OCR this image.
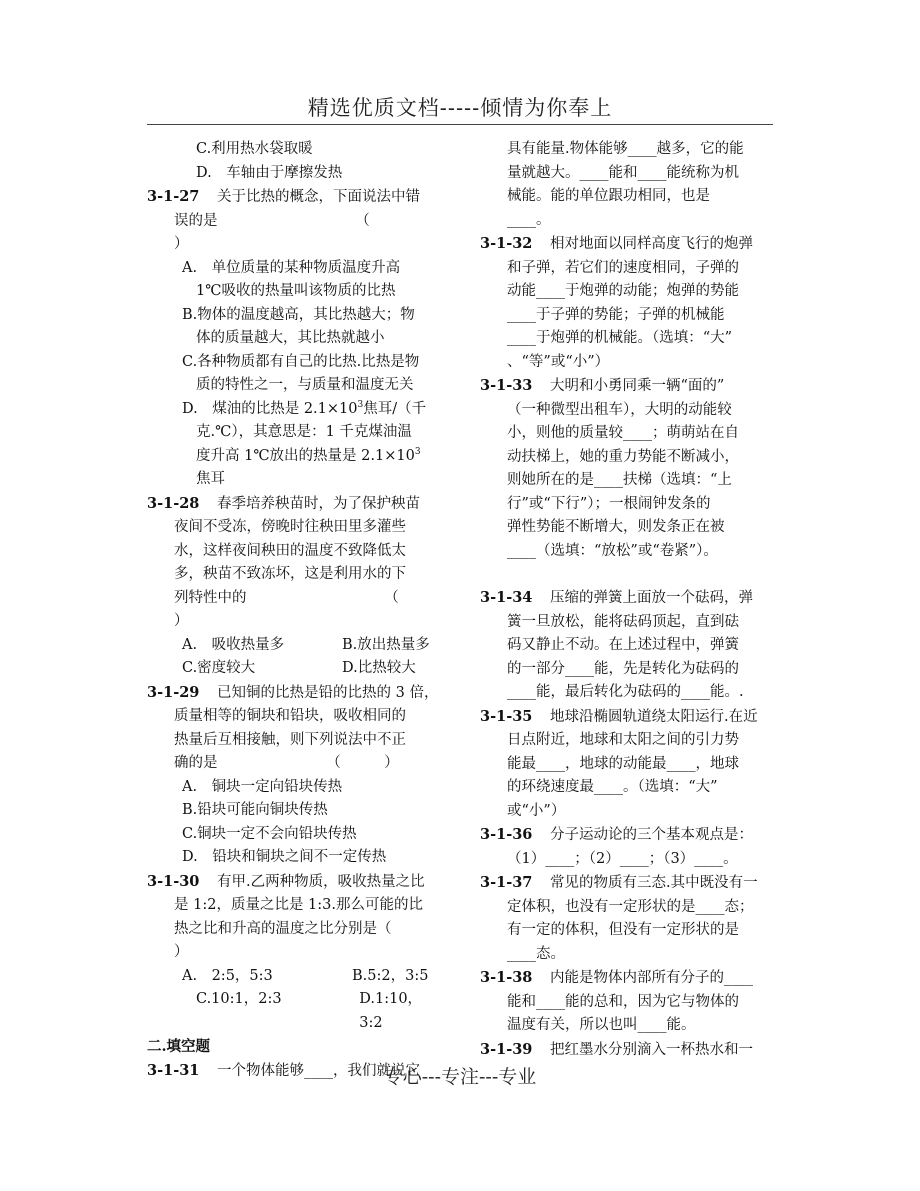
精选优质文档-----倾情为你奉上
C.利用热水袋取暖
D.　车轴由于摩擦发热
3-1-27 关于比热的概念，下面说法中错
误的是　　　　　　　　　　（
）
A.　单位质量的某种物质温度升高
1℃吸收的热量叫该物质的比热
B.物体的温度越高，其比热越大；物
体的质量越大，其比热就越小
C.各种物质都有自己的比热.比热是物
质的特性之一，与质量和温度无关
D.　煤油的比热是 $2.1\times 10^3$焦耳/（千
克.℃），其意思是：1 千克煤油温
度升高 1℃放出的热量是 $2.1\times 10^3$
焦耳
3-1-28 春季培养秧苗时，为了保护秧苗
夜间不受冻，傍晚时往秧田里多灌些
水，这样夜间秧田的温度不致降低太
多，秧苗不致冻坏，这是利用水的下
列特性中的　　　　　　　　　　（
）
A.　吸收热量多	B.放出热量多
C.密度较大	D.比热较大
3-1-29 已知铜的比热是铅的比热的 3 倍，
质量相等的铜块和铅块，吸收相同的
热量后互相接触，则下列说法中不正
确的是　　　　　　　　（　　　）
A.　铜块一定向铅块传热
B.铅块可能向铜块传热
C.铜块一定不会向铅块传热
D.　铅块和铜块之间不一定传热
3-1-30 有甲.乙两种物质，吸收热量之比
是 1:2，质量之比是 1:3.那么可能的比
热之比和升高的温度之比分别是（
）
A.　2:5，5:3	B.5:2，3:5
C.10:1，2:3	D.1:10，3:2
二.填空题
3-1-31 一个物体能够____，我们就说它
具有能量.物体能够____越多，它的能
量就越大。____能和____能统称为机
械能。能的单位跟功相同，也是
____。
3-1-32 相对地面以同样高度飞行的炮弹
和子弹，若它们的速度相同，子弹的
动能____于炮弹的动能；炮弹的势能
____于子弹的势能；子弹的机械能
____于炮弹的机械能。（选填：“大”
、“等”或“小”）
3-1-33 大明和小勇同乘一辆“面的”
（一种微型出租车），大明的动能较
小，则他的质量较____；萌萌站在自
动扶梯上，她的重力势能不断减小，
则她所在的是____扶梯（选填：“上
行”或“下行”）；一根闹钟发条的
弹性势能不断增大，则发条正在被
____（选填：“放松”或“卷紧”）。
3-1-34 压缩的弹簧上面放一个砝码，弹
簧一旦放松，能将砝码顶起，直到砝
码又静止不动。在上述过程中，弹簧
的一部分____能，先是转化为砝码的
____能，最后转化为砝码的____能。.
3-1-35 地球沿椭圆轨道绕太阳运行.在近
日点附近，地球和太阳之间的引力势
能最____，地球的动能最____，地球
的环绕速度最____。（选填：“大”
或“小”）
3-1-36 分子运动论的三个基本观点是：
（1）____；（2）____；（3）____。
3-1-37 常见的物质有三态.其中既没有一
定体积，也没有一定形状的是____态；
有一定的体积，但没有一定形状的是
____态。
3-1-38 内能是物体内部所有分子的____
能和____能的总和，因为它与物体的
温度有关，所以也叫____能。
3-1-39 把红墨水分别滴入一杯热水和一
专心---专注---专业
